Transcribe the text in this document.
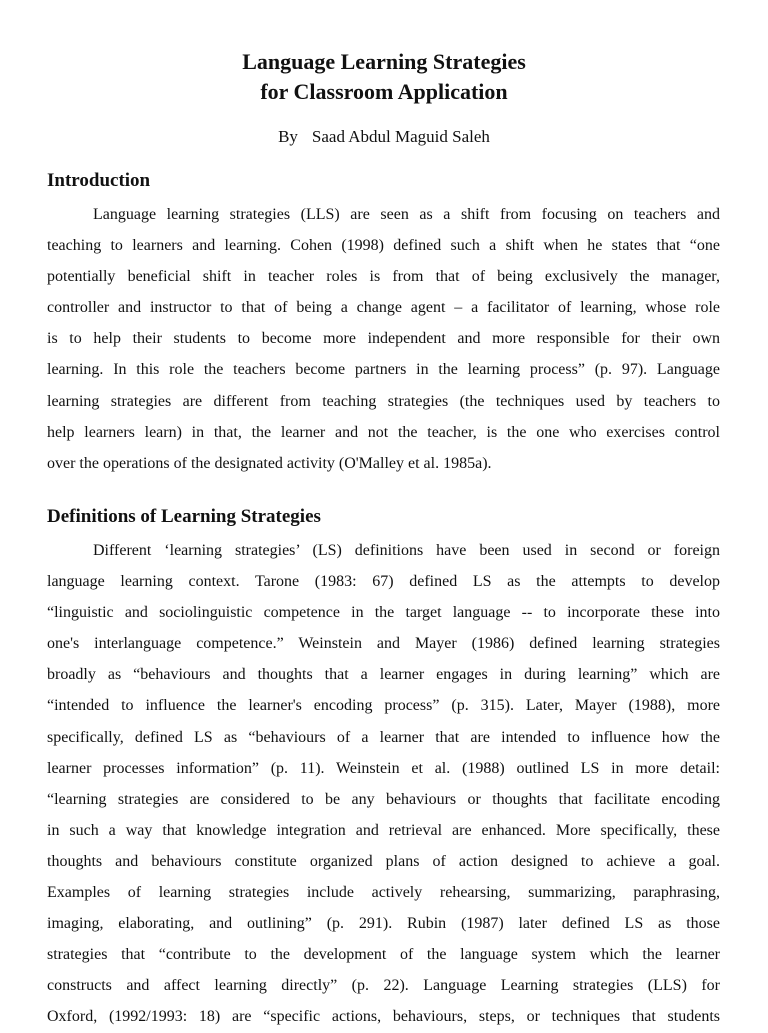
Language Learning Strategies
for Classroom Application
By Saad Abdul Maguid Saleh
Introduction
Language learning strategies (LLS) are seen as a shift from focusing on teachers and
teaching to learners and learning. Cohen (1998) defined such a shift when he states that “one
potentially beneficial shift in teacher roles is from that of being exclusively the manager,
controller and instructor to that of being a change agent – a facilitator of learning, whose role
is to help their students to become more independent and more responsible for their own
learning. In this role the teachers become partners in the learning process” (p. 97). Language
learning strategies are different from teaching strategies (the techniques used by teachers to
help learners learn) in that, the learner and not the teacher, is the one who exercises control
over the operations of the designated activity (O'Malley et al. 1985a).
Definitions of Learning Strategies
Different ‘learning strategies’ (LS) definitions have been used in second or foreign
language learning context. Tarone (1983: 67) defined LS as the attempts to develop
“linguistic and sociolinguistic competence in the target language -- to incorporate these into
one's interlanguage competence.” Weinstein and Mayer (1986) defined learning strategies
broadly as “behaviours and thoughts that a learner engages in during learning” which are
“intended to influence the learner's encoding process” (p. 315). Later, Mayer (1988), more
specifically, defined LS as “behaviours of a learner that are intended to influence how the
learner processes information” (p. 11). Weinstein et al. (1988) outlined LS in more detail:
“learning strategies are considered to be any behaviours or thoughts that facilitate encoding
in such a way that knowledge integration and retrieval are enhanced. More specifically, these
thoughts and behaviours constitute organized plans of action designed to achieve a goal.
Examples of learning strategies include actively rehearsing, summarizing, paraphrasing,
imaging, elaborating, and outlining” (p. 291). Rubin (1987) later defined LS as those
strategies that “contribute to the development of the language system which the learner
constructs and affect learning directly” (p. 22). Language Learning strategies (LLS) for
Oxford, (1992/1993: 18) are “specific actions, behaviours, steps, or techniques that students
